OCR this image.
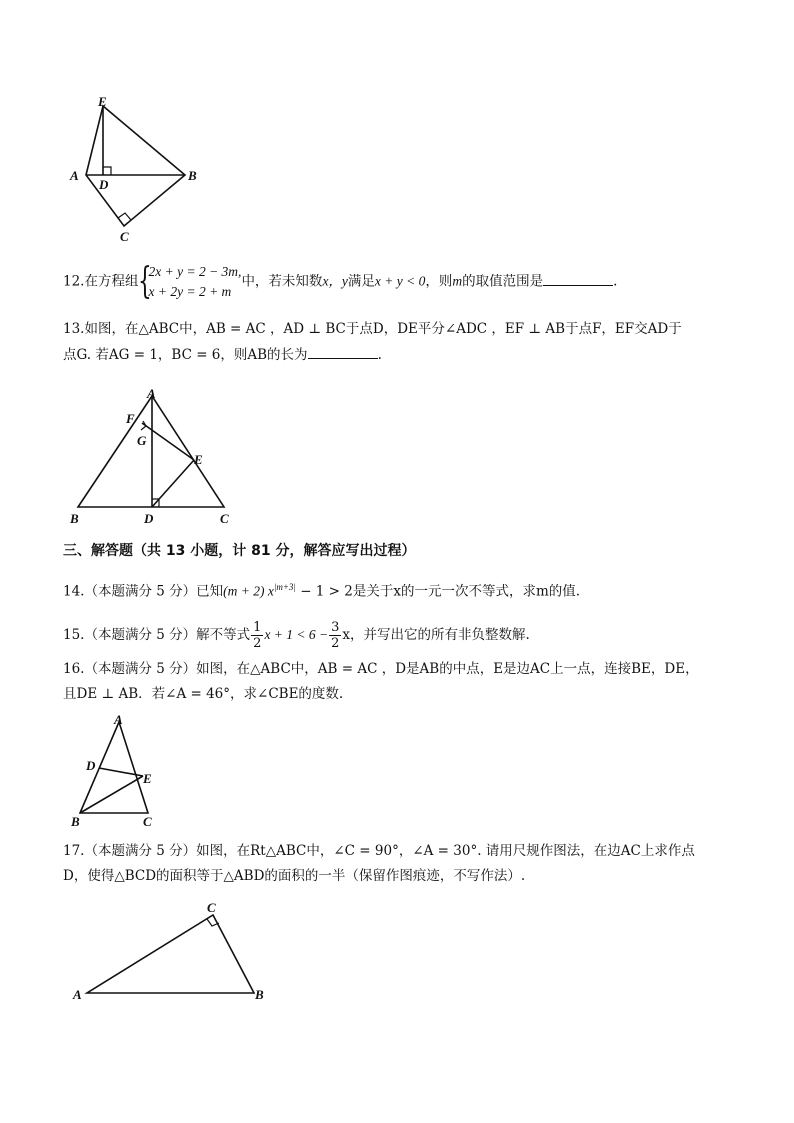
E
A
D
B
C
12.在方程组 {
2x + y = 2 − 3m,
x + 2y = 2 + m
中，若未知数x，y满足x + y < 0，则m的取值范围是	.
13.如图，在△ABC中，AB = AC ，AD ⊥ BC于点D，DE平分∠ADC ，EF ⊥ AB于点F，EF交AD于
点G. 若AG = 1，BC = 6，则AB的长为	.
A
F
G
E
B	D	C
三、解答题（共 13 小题，计 81 分，解答应写出过程）
14.（本题满分 5 分）已知(m + 2) $x^{|m+3|} - 1 > 2$是关于x的一元一次不等式，求m的值.
15.（本题满分 5 分）解不等式 $\frac{1}{2}$ $x + 1 < 6 - \frac{3}{2}$ x，并写出它的所有非负整数解.
16.（本题满分 5 分）如图，在△ABC中，AB = AC ，D是AB的中点，E是边AC上一点，连接BE，DE，
且DE ⊥ AB．若∠A = 46°，求∠CBE的度数.
A
D
E
B	C
17.（本题满分 5 分）如图，在Rt△ABC中，∠C = 90°，∠A = 30°. 请用尺规作图法，在边AC上求作点
D，使得△BCD的面积等于△ABD的面积的一半（保留作图痕迹，不写作法）.
C
A	B
